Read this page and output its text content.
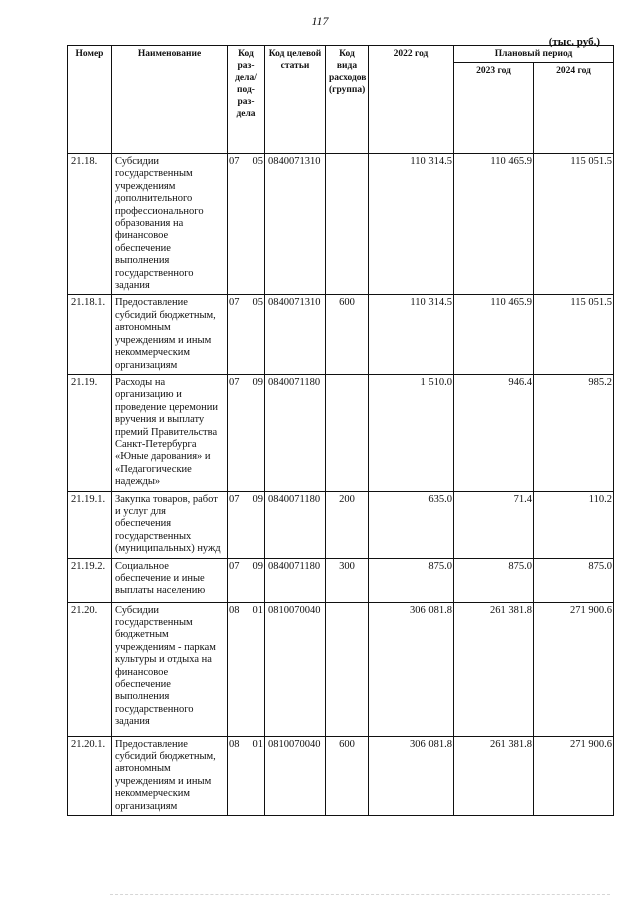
117
(тыс. руб.)
Номер	Наименование	Код раз-дела/ под-раз-дела	Код целевой статьи	Код вида расходов (группа)	2022 год	Плановый период	
						2023 год	2024 год
21.18.	Субсидии государственным учреждениям дополнительного профессионального образования на финансовое обеспечение выполнения государственного задания	07 05	0840071310		110 314.5	110 465.9	115 051.5
21.18.1.	Предоставление субсидий бюджетным, автономным учреждениям и иным некоммерческим организациям	07 05	0840071310	600	110 314.5	110 465.9	115 051.5
21.19.	Расходы на организацию и проведение церемонии вручения и выплату премий Правительства Санкт-Петербурга «Юные дарования» и «Педагогические надежды»	07 09	0840071180		1 510.0	946.4	985.2
21.19.1.	Закупка товаров, работ и услуг для обеспечения государственных (муниципальных) нужд	07 09	0840071180	200	635.0	71.4	110.2
21.19.2.	Социальное обеспечение и иные выплаты населению	07 09	0840071180	300	875.0	875.0	875.0
21.20.	Субсидии государственным бюджетным учреждениям - паркам культуры и отдыха на финансовое обеспечение выполнения государственного задания	08 01	0810070040		306 081.8	261 381.8	271 900.6
21.20.1.	Предоставление субсидий бюджетным, автономным учреждениям и иным некоммерческим организациям	08 01	0810070040	600	306 081.8	261 381.8	271 900.6
